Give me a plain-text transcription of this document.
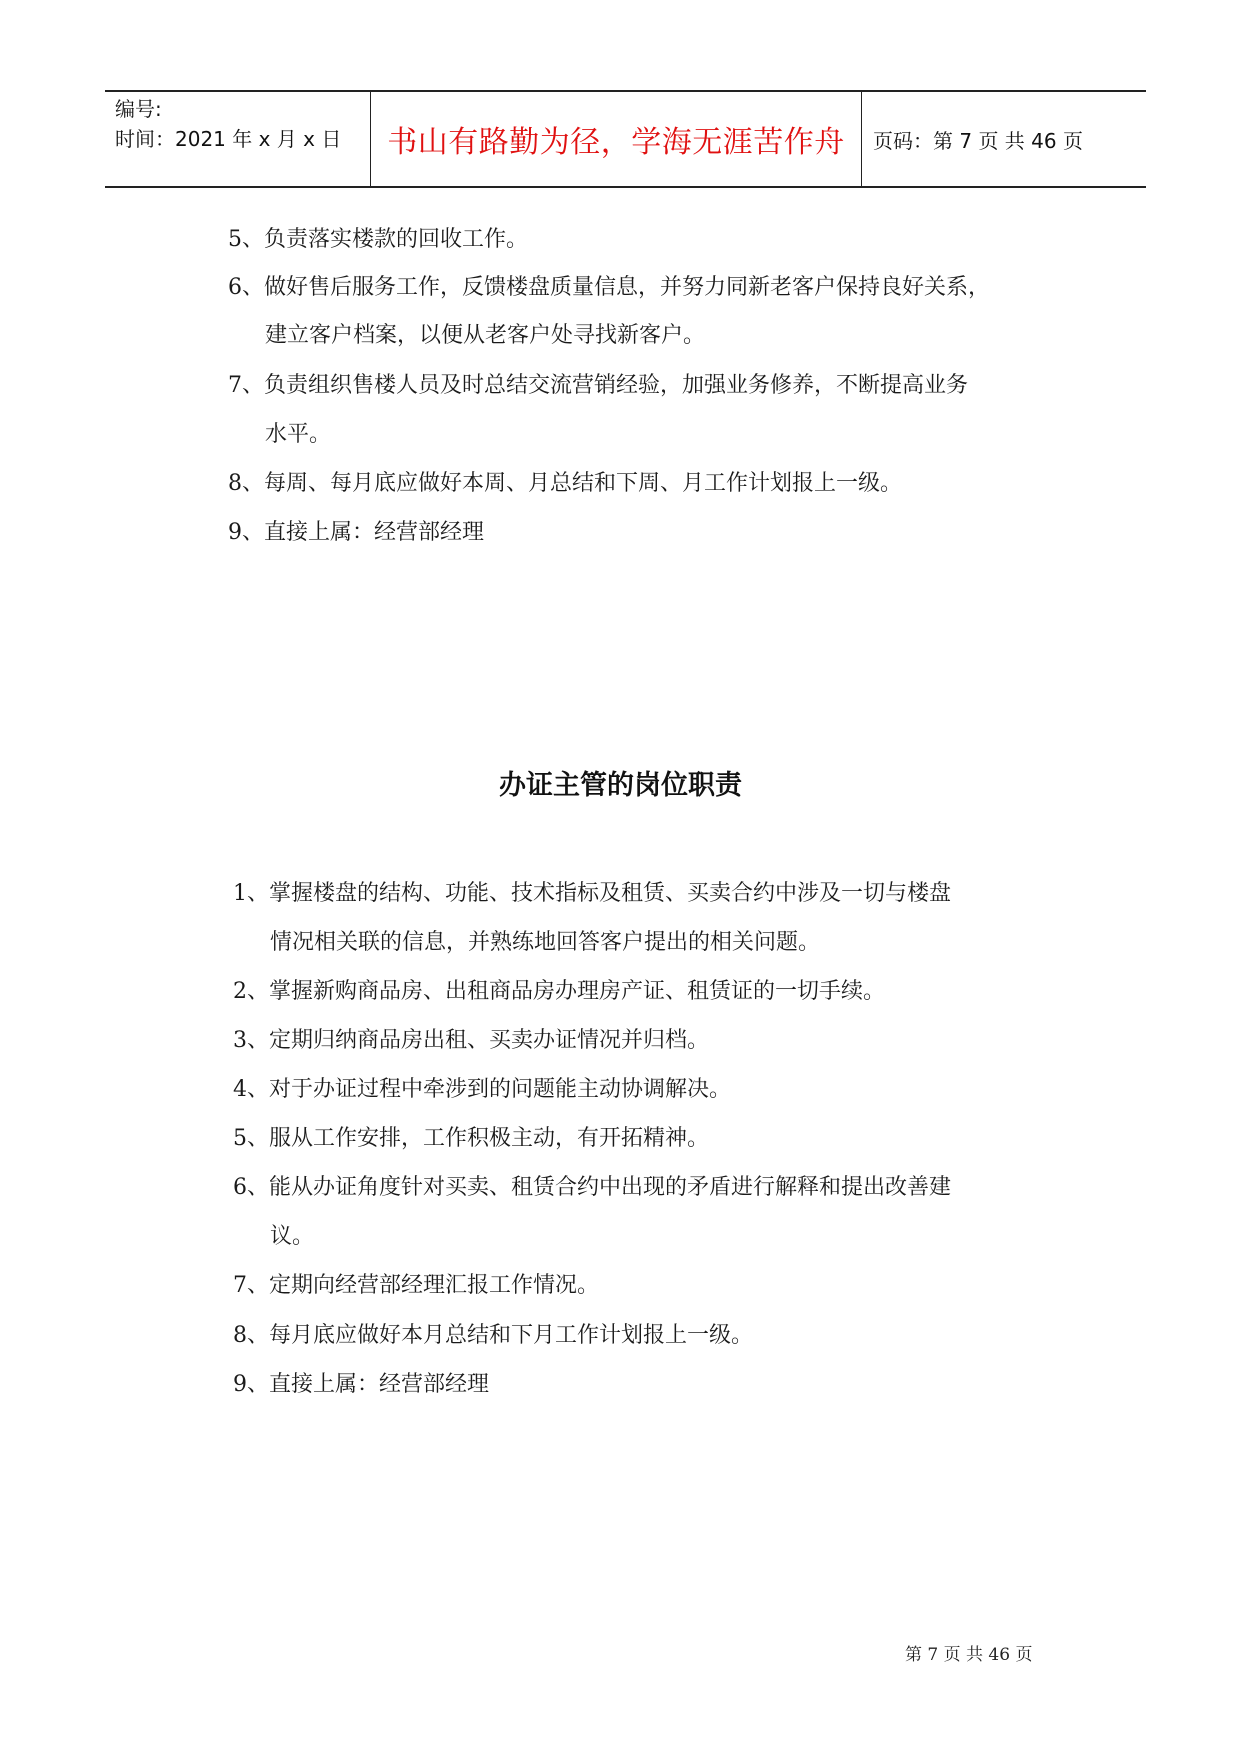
编号:
时间：2021 年 x 月 x 日	书山有路勤为径，学海无涯苦作舟	页码：第 7 页 共 46 页
5、负责落实楼款的回收工作。
6、做好售后服务工作，反馈楼盘质量信息，并努力同新老客户保持良好关系，
建立客户档案，以便从老客户处寻找新客户。
7、负责组织售楼人员及时总结交流营销经验，加强业务修养，不断提高业务
水平。
8、每周、每月底应做好本周、月总结和下周、月工作计划报上一级。
9、直接上属：经营部经理
办证主管的岗位职责
1、掌握楼盘的结构、功能、技术指标及租赁、买卖合约中涉及一切与楼盘
情况相关联的信息，并熟练地回答客户提出的相关问题。
2、掌握新购商品房、出租商品房办理房产证、租赁证的一切手续。
3、定期归纳商品房出租、买卖办证情况并归档。
4、对于办证过程中牵涉到的问题能主动协调解决。
5、服从工作安排，工作积极主动，有开拓精神。
6、能从办证角度针对买卖、租赁合约中出现的矛盾进行解释和提出改善建
议。
7、定期向经营部经理汇报工作情况。
8、每月底应做好本月总结和下月工作计划报上一级。
9、直接上属：经营部经理
第 7 页 共 46 页
